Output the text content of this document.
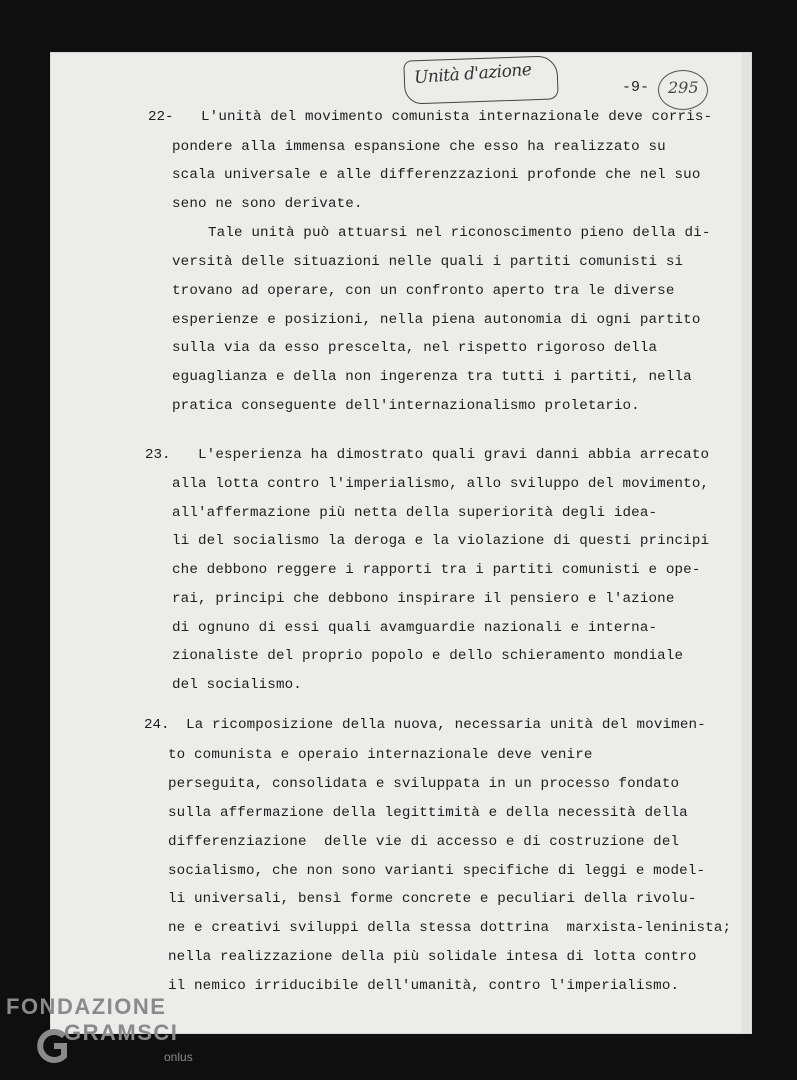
Unità d'azione	-9- 295
22- L'unità del movimento comunista internazionale deve corris-
pondere alla immensa espansione che esso ha realizzato su
scala universale e alle differenzzazioni profonde che nel suo
seno ne sono derivate.
Tale unità può attuarsi nel riconoscimento pieno della di-
versità delle situazioni nelle quali i partiti comunisti si
trovano ad operare, con un confronto aperto tra le diverse
esperienze e posizioni, nella piena autonomia di ogni partito
sulla via da esso prescelta, nel rispetto rigoroso della
eguaglianza e della non ingerenza tra tutti i partiti, nella
pratica conseguente dell'internazionalismo proletario.
23. L'esperienza ha dimostrato quali gravi danni abbia arrecato
alla lotta contro l'imperialismo, allo sviluppo del movimento,
all'affermazione più netta della superiorità degli idea-
li del socialismo la deroga e la violazione di questi principi
che debbono reggere i rapporti tra i partiti comunisti e ope-
rai, principi che debbono inspirare il pensiero e l'azione
di ognuno di essi quali avamguardie nazionali e interna-
zionaliste del proprio popolo e dello schieramento mondiale
del socialismo.
24. La ricomposizione della nuova, necessaria unità del movimen-
to comunista e operaio internazionale deve venire
perseguita, consolidata e sviluppata in un processo fondato
sulla affermazione della legittimità e della necessità della
differenziazione  delle vie di accesso e di costruzione del
socialismo, che non sono varianti specifiche di leggi e model-
li universali, bensì forme concrete e peculiari della rivolu-
ne e creativi sviluppi della stessa dottrina  marxista-leninista;
nella realizzazione della più solidale intesa di lotta contro
il nemico irriducibile dell'umanità, contro l'imperialismo.
FONDAZIONE
GRAMSCI
onlus
